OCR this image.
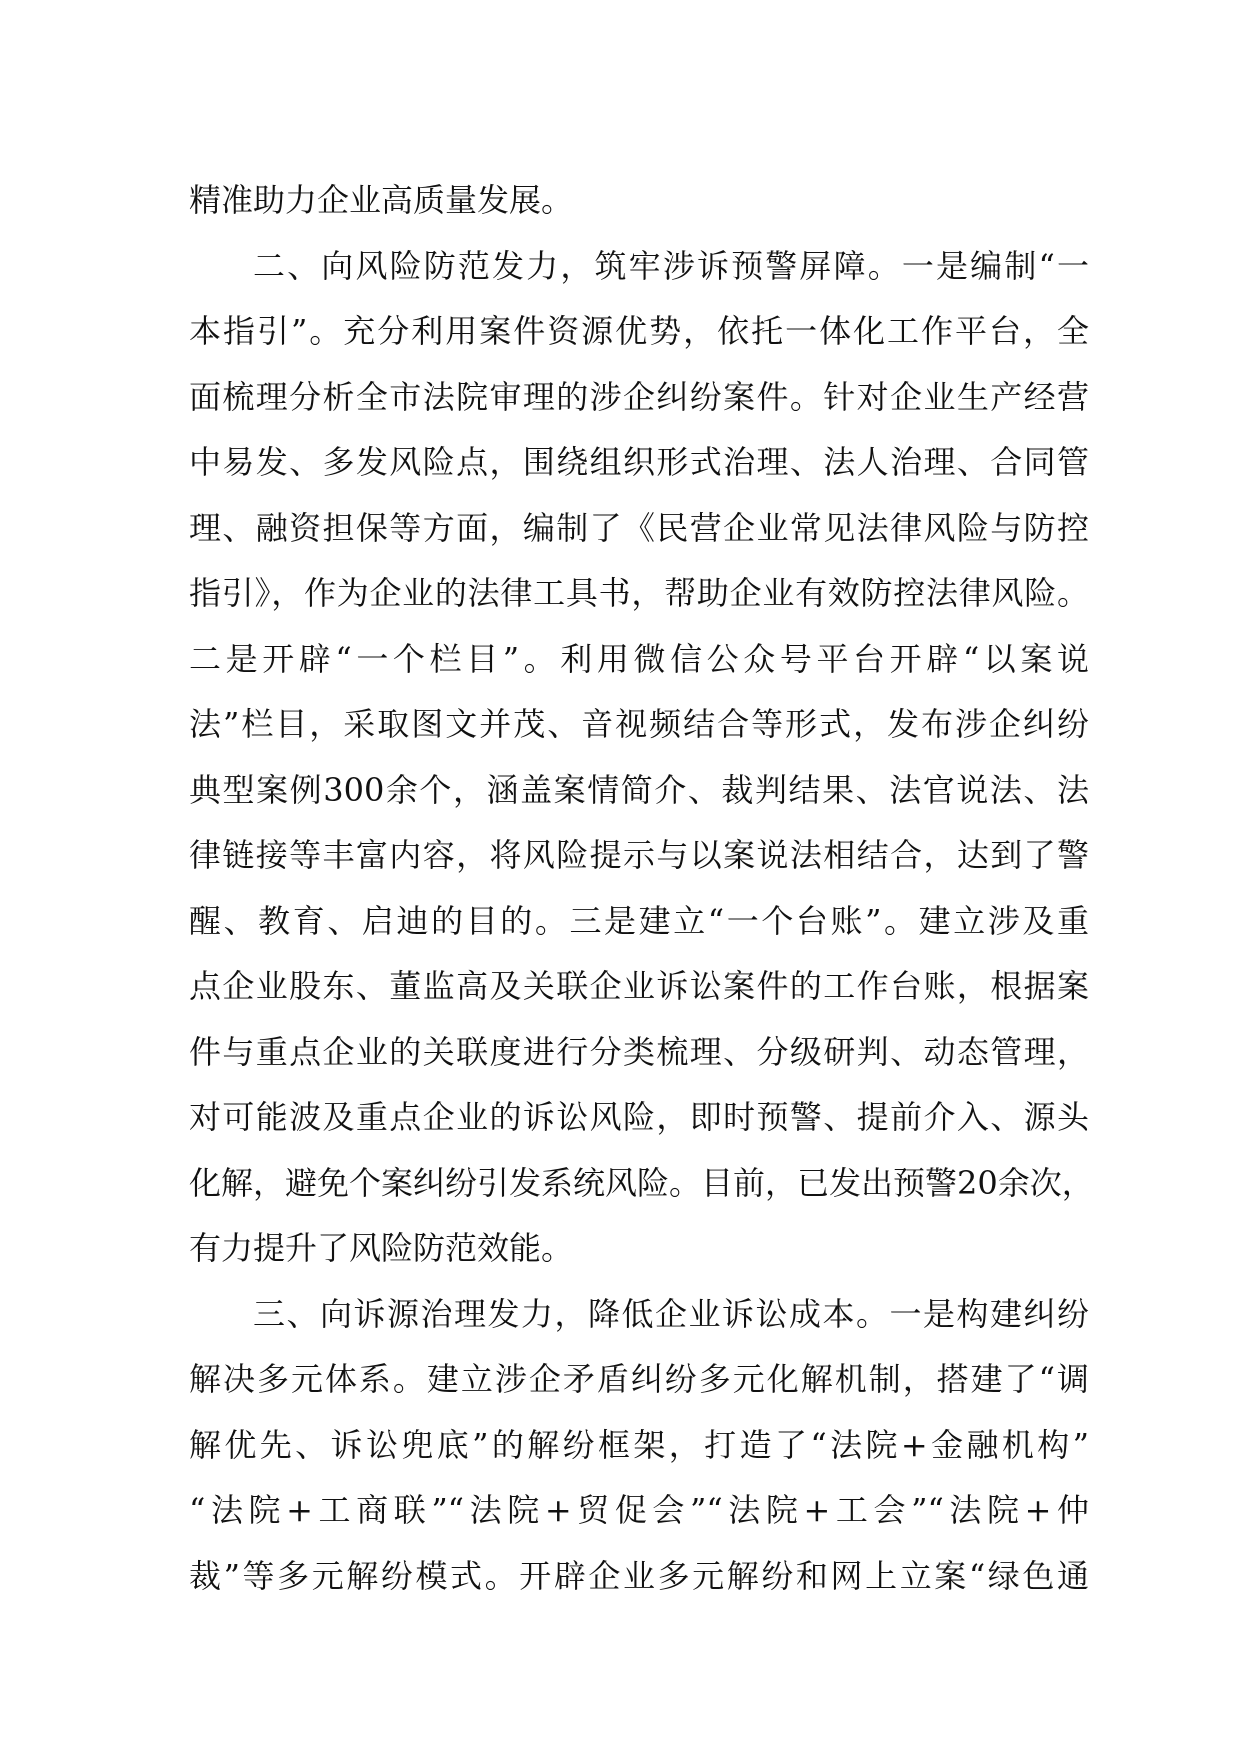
精准助力企业高质量发展。
二、向风险防范发力，筑牢涉诉预警屏障。一是编制“一
本指引”。充分利用案件资源优势，依托一体化工作平台，全
面梳理分析全市法院审理的涉企纠纷案件。针对企业生产经营
中易发、多发风险点，围绕组织形式治理、法人治理、合同管
理、融资担保等方面，编制了《民营企业常见法律风险与防控
指引》，作为企业的法律工具书，帮助企业有效防控法律风险。
二是开辟“一个栏目”。利用微信公众号平台开辟“以案说
法”栏目，采取图文并茂、音视频结合等形式，发布涉企纠纷
典型案例300余个，涵盖案情简介、裁判结果、法官说法、法
律链接等丰富内容，将风险提示与以案说法相结合，达到了警
醒、教育、启迪的目的。三是建立“一个台账”。建立涉及重
点企业股东、董监高及关联企业诉讼案件的工作台账，根据案
件与重点企业的关联度进行分类梳理、分级研判、动态管理，
对可能波及重点企业的诉讼风险，即时预警、提前介入、源头
化解，避免个案纠纷引发系统风险。目前，已发出预警20余次，
有力提升了风险防范效能。
三、向诉源治理发力，降低企业诉讼成本。一是构建纠纷
解决多元体系。建立涉企矛盾纠纷多元化解机制，搭建了“调
解优先、诉讼兜底”的解纷框架，打造了“法院+金融机构”
“法院+工商联”“法院+贸促会”“法院+工会”“法院+仲
裁”等多元解纷模式。开辟企业多元解纷和网上立案“绿色通
